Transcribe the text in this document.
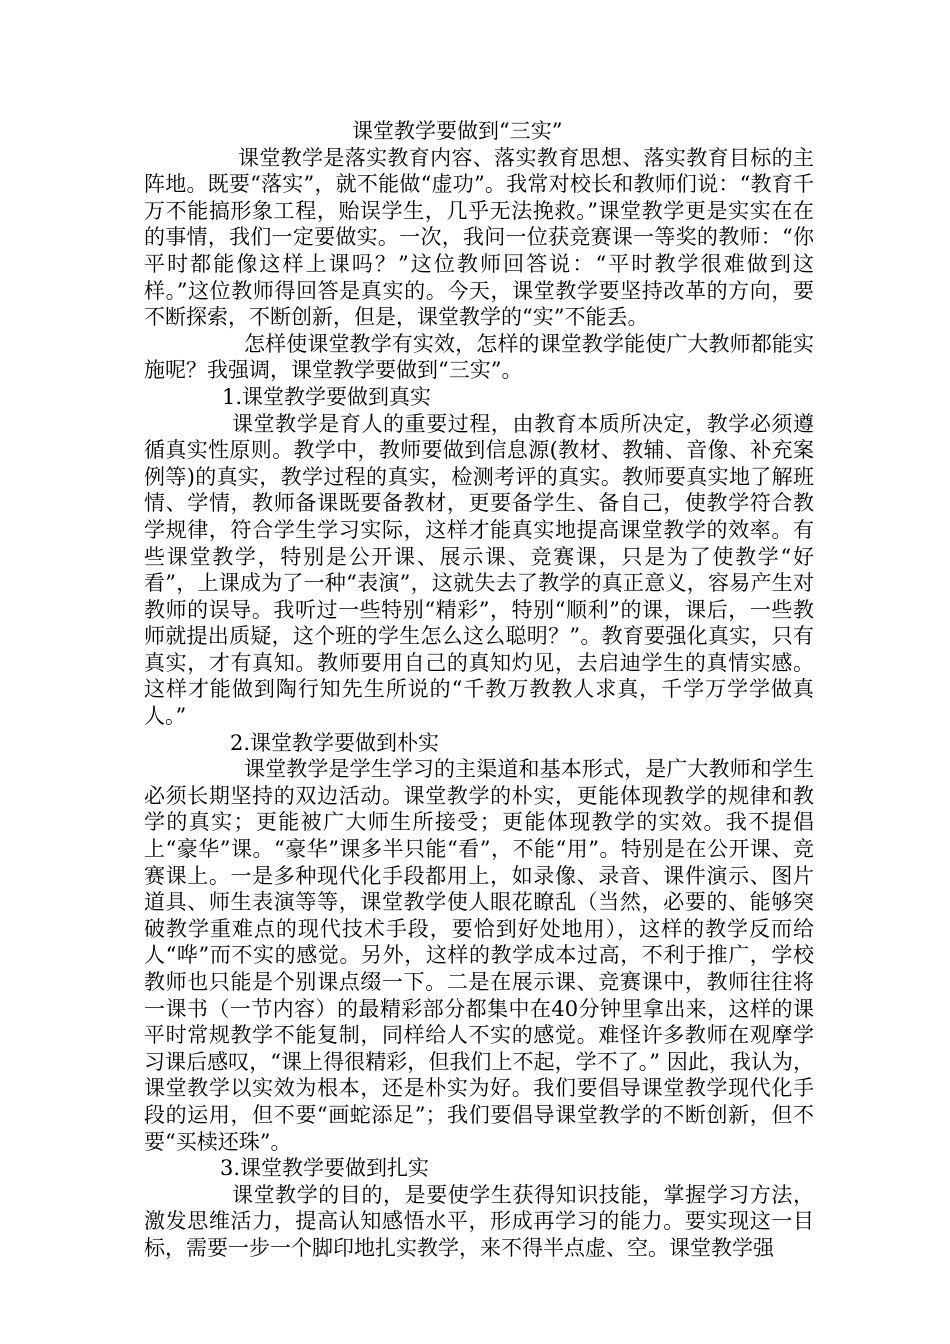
课堂教学要做到“三实”

课堂教学是落实教育内容、落实教育思想、落实教育目标的主阵地。既要“落实”，就不能做“虚功”。我常对校长和教师们说：“教育千万不能搞形象工程，贻误学生，几乎无法挽救。”课堂教学更是实实在在的事情，我们一定要做实。一次，我问一位获竞赛课一等奖的教师：“你平时都能像这样上课吗？”这位教师回答说：“平时教学很难做到这样。”这位教师得回答是真实的。今天，课堂教学要坚持改革的方向，要不断探索，不断创新，但是，课堂教学的“实”不能丢。

怎样使课堂教学有实效，怎样的课堂教学能使广大教师都能实施呢？我强调，课堂教学要做到“三实”。

1.课堂教学要做到真实

课堂教学是育人的重要过程，由教育本质所决定，教学必须遵循真实性原则。教学中，教师要做到信息源(教材、教辅、音像、补充案例等)的真实，教学过程的真实，检测考评的真实。教师要真实地了解班情、学情，教师备课既要备教材，更要备学生、备自己，使教学符合教学规律，符合学生学习实际，这样才能真实地提高课堂教学的效率。有些课堂教学，特别是公开课、展示课、竞赛课，只是为了使教学“好看”，上课成为了一种“表演”，这就失去了教学的真正意义，容易产生对教师的误导。我听过一些特别“精彩”，特别“顺利”的课，课后，一些教师就提出质疑，这个班的学生怎么这么聪明？”。教育要强化真实，只有真实，才有真知。教师要用自己的真知灼见，去启迪学生的真情实感。这样才能做到陶行知先生所说的“千教万教教人求真，千学万学学做真人。”

2.课堂教学要做到朴实

课堂教学是学生学习的主渠道和基本形式，是广大教师和学生必须长期坚持的双边活动。课堂教学的朴实，更能体现教学的规律和教学的真实；更能被广大师生所接受；更能体现教学的实效。我不提倡上“豪华”课。“豪华”课多半只能“看”，不能“用”。特别是在公开课、竞赛课上。一是多种现代化手段都用上，如录像、录音、课件演示、图片道具、师生表演等等，课堂教学使人眼花瞭乱（当然，必要的、能够突破教学重难点的现代技术手段，要恰到好处地用），这样的教学反而给人“哗”而不实的感觉。另外，这样的教学成本过高，不利于推广，学校教师也只能是个别课点缀一下。二是在展示课、竞赛课中，教师往往将一课书（一节内容）的最精彩部分都集中在40分钟里拿出来，这样的课平时常规教学不能复制，同样给人不实的感觉。难怪许多教师在观摩学习课后感叹，“课上得很精彩，但我们上不起，学不了。” 因此，我认为，课堂教学以实效为根本，还是朴实为好。我们要倡导课堂教学现代化手段的运用，但不要“画蛇添足”；我们要倡导课堂教学的不断创新，但不要“买椟还珠”。

3.课堂教学要做到扎实

课堂教学的目的，是要使学生获得知识技能，掌握学习方法，激发思维活力，提高认知感悟水平，形成再学习的能力。要实现这一目标，需要一步一个脚印地扎实教学，来不得半点虚、空。课堂教学强
